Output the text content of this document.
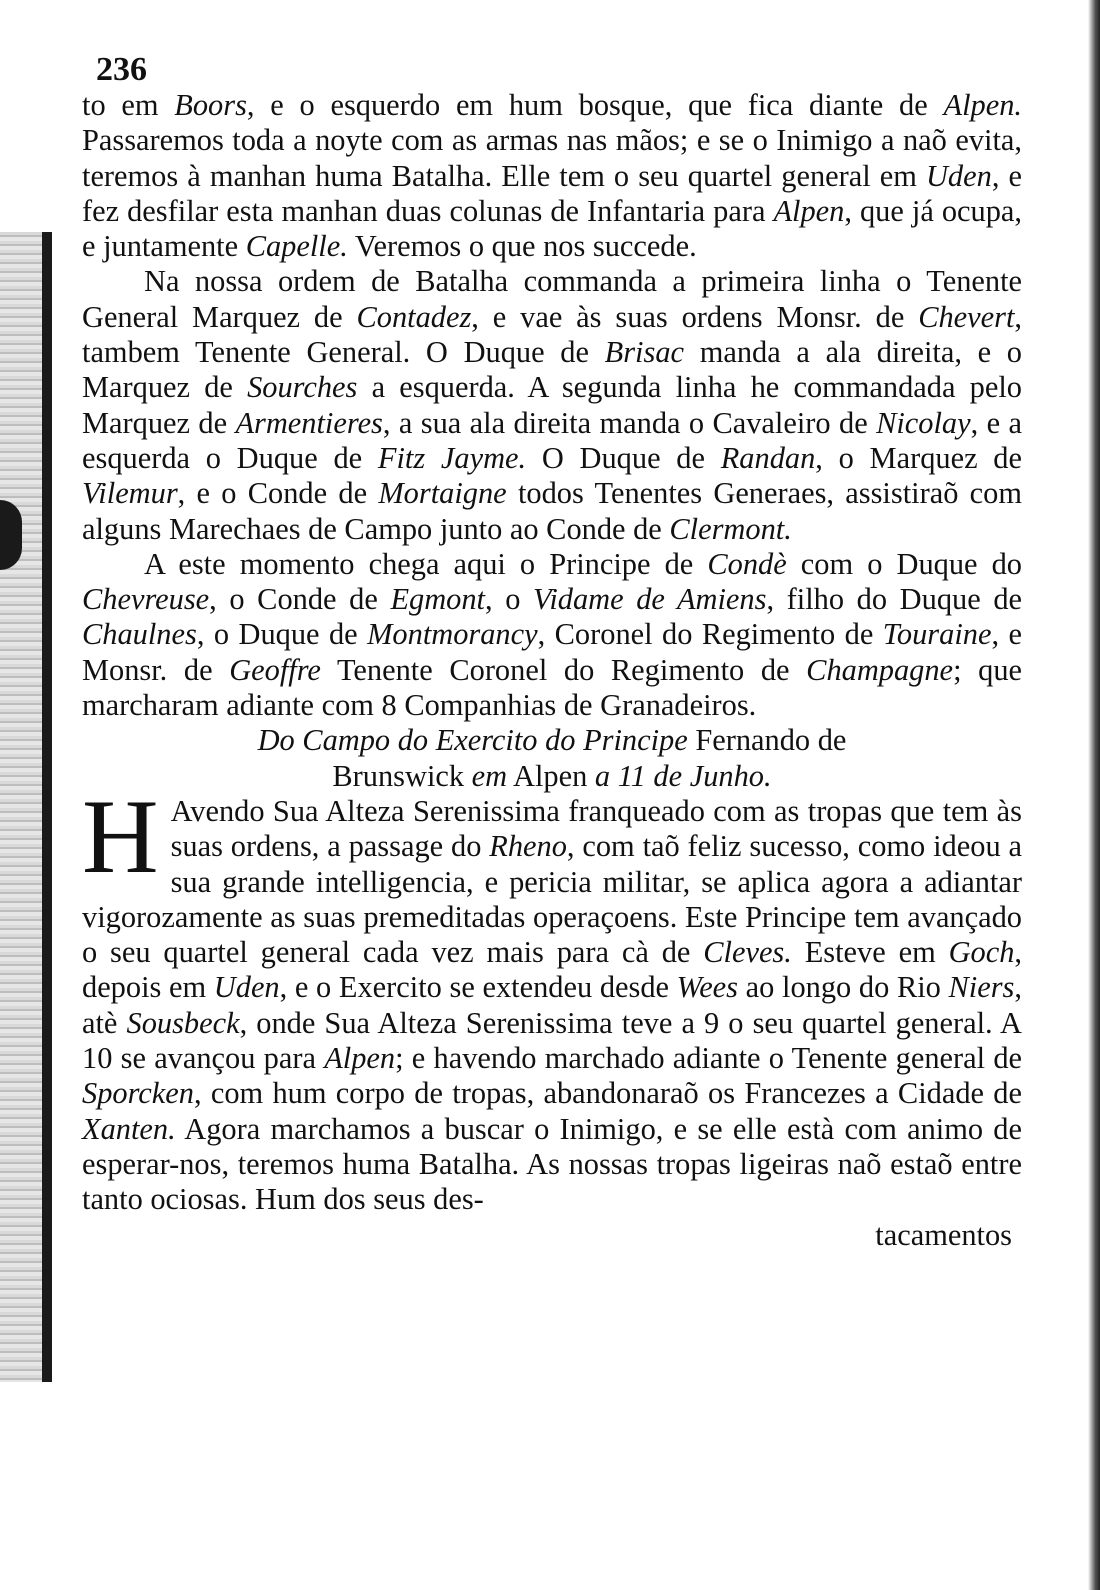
236

to em Boors, e o esquerdo em hum bosque, que fica diante de Alpen. Passaremos toda a noyte com as armas nas mãos; e se o Inimigo a naõ evita, teremos à manhan huma Batalha. Elle tem o seu quartel general em Uden, e fez desfilar esta manhan duas colunas de Infantaria para Alpen, que já ocupa, e juntamente Capelle. Veremos o que nos succede.

Na nossa ordem de Batalha commanda a primeira linha o Tenente General Marquez de Contadez, e vae às suas ordens Monsr. de Chevert, tambem Tenente General. O Duque de Brisac manda a ala direita, e o Marquez de Sourches a esquerda. A segunda linha he commandada pelo Marquez de Armentieres, a sua ala direita manda o Cavaleiro de Nicolay, e a esquerda o Duque de Fitz Jayme. O Duque de Randan, o Marquez de Vilemur, e o Conde de Mortaigne todos Tenentes Generaes, assistiraõ com alguns Marechaes de Campo junto ao Conde de Clermont.

A este momento chega aqui o Principe de Condè com o Duque do Chevreuse, o Conde de Egmont, o Vidame de Amiens, filho do Duque de Chaulnes, o Duque de Montmorancy, Coronel do Regimento de Touraine, e Monsr. de Geoffre Tenente Coronel do Regimento de Champagne; que marcharam adiante com 8 Companhias de Granadeiros.

Do Campo do Exercito do Principe Fernando de

Brunswick em Alpen a 11 de Junho.

H Avendo Sua Alteza Serenissima franqueado com as tropas que tem às suas ordens, a passage do Rheno, com taõ feliz sucesso, como ideou a sua grande intelligencia, e pericia militar, se aplica agora a adiantar vigorozamente as suas premeditadas operaçoens. Este Principe tem avançado o seu quartel general cada vez mais para cà de Cleves. Esteve em Goch, depois em Uden, e o Exercito se extendeu desde Wees ao longo do Rio Niers, atè Sousbeck, onde Sua Alteza Serenissima teve a 9 o seu quartel general. A 10 se avançou para Alpen; e havendo marchado adiante o Tenente general de Sporcken, com hum corpo de tropas, abandonaraõ os Francezes a Cidade de Xanten. Agora marchamos a buscar o Inimigo, e se elle està com animo de esperar-nos, teremos huma Batalha. As nossas tropas ligeiras naõ estaõ entre tanto ociosas. Hum dos seus des-

tacamentos
